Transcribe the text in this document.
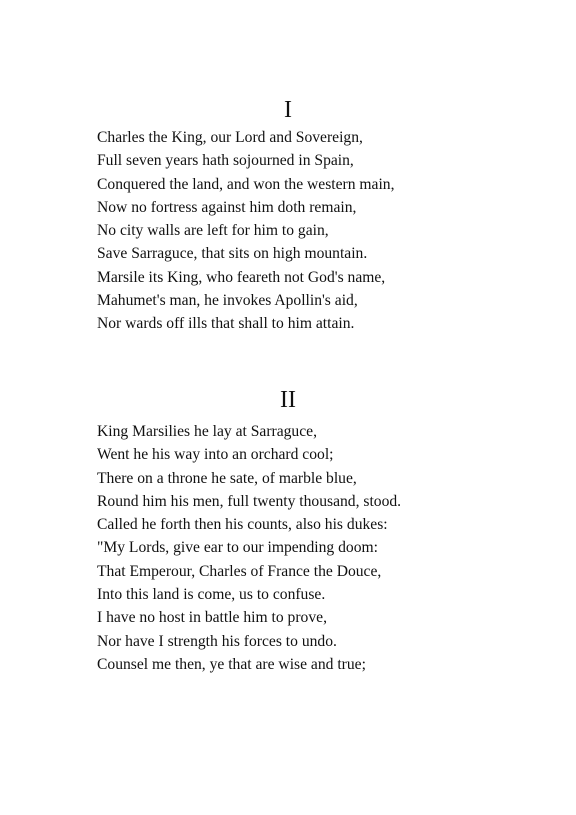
I
Charles the King, our Lord and Sovereign,
Full seven years hath sojourned in Spain,
Conquered the land, and won the western main,
Now no fortress against him doth remain,
No city walls are left for him to gain,
Save Sarraguce, that sits on high mountain.
Marsile its King, who feareth not God's name,
Mahumet's man, he invokes Apollin's aid,
Nor wards off ills that shall to him attain.
II
King Marsilies he lay at Sarraguce,
Went he his way into an orchard cool;
There on a throne he sate, of marble blue,
Round him his men, full twenty thousand, stood.
Called he forth then his counts, also his dukes:
"My Lords, give ear to our impending doom:
That Emperour, Charles of France the Douce,
Into this land is come, us to confuse.
I have no host in battle him to prove,
Nor have I strength his forces to undo.
Counsel me then, ye that are wise and true;
